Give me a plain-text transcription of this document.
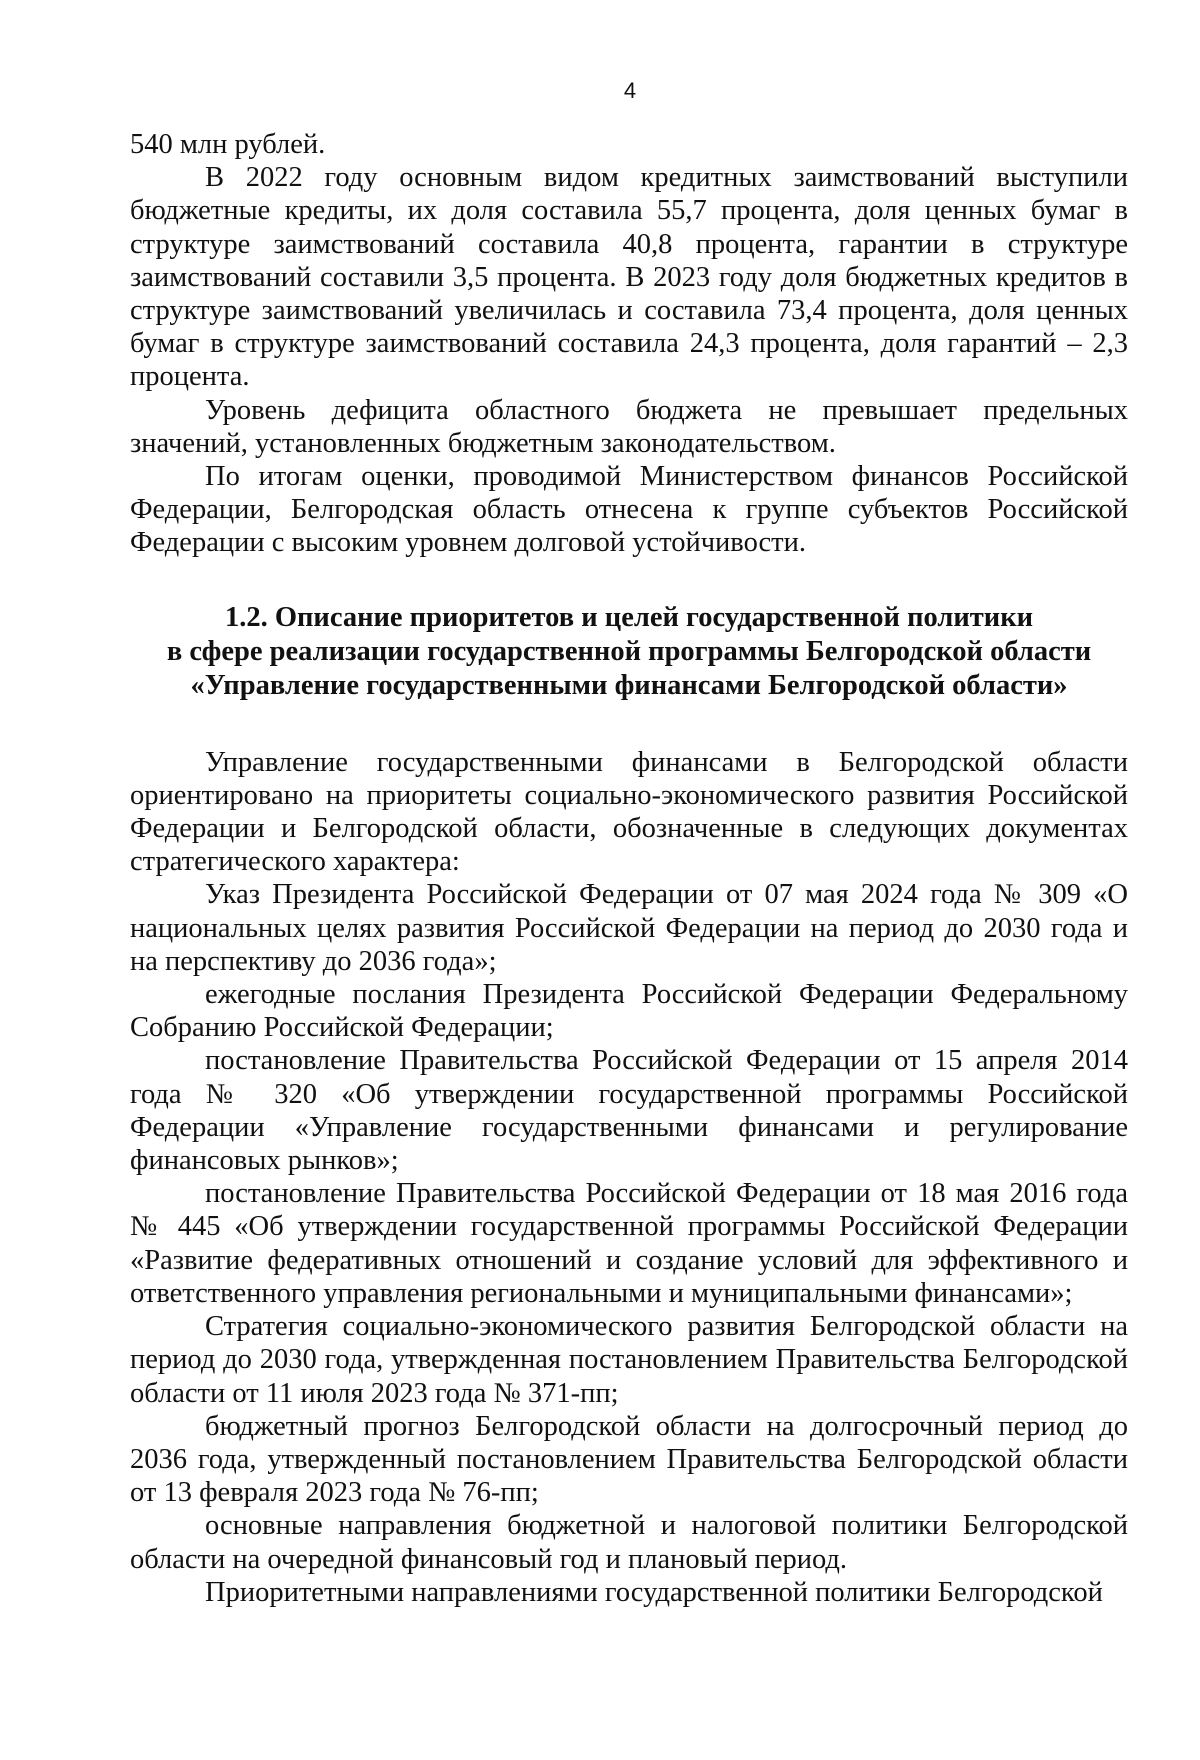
4

540 млн рублей.

В 2022 году основным видом кредитных заимствований выступили бюджетные кредиты, их доля составила 55,7 процента, доля ценных бумаг в структуре заимствований составила 40,8 процента, гарантии в структуре заимствований составили 3,5 процента. В 2023 году доля бюджетных кредитов в структуре заимствований увеличилась и составила 73,4 процента, доля ценных бумаг в структуре заимствований составила 24,3 процента, доля гарантий – 2,3 процента.

Уровень дефицита областного бюджета не превышает предельных значений, установленных бюджетным законодательством.

По итогам оценки, проводимой Министерством финансов Российской Федерации, Белгородская область отнесена к группе субъектов Российской Федерации с высоким уровнем долговой устойчивости.

1.2. Описание приоритетов и целей государственной политики
в сфере реализации государственной программы Белгородской области
«Управление государственными финансами Белгородской области»

Управление государственными финансами в Белгородской области ориентировано на приоритеты социально-экономического развития Российской Федерации и Белгородской области, обозначенные в следующих документах стратегического характера:

Указ Президента Российской Федерации от 07 мая 2024 года № 309 «О национальных целях развития Российской Федерации на период до 2030 года и на перспективу до 2036 года»;

ежегодные послания Президента Российской Федерации Федеральному Собранию Российской Федерации;

постановление Правительства Российской Федерации от 15 апреля 2014 года № 320 «Об утверждении государственной программы Российской Федерации «Управление государственными финансами и регулирование финансовых рынков»;

постановление Правительства Российской Федерации от 18 мая 2016 года № 445 «Об утверждении государственной программы Российской Федерации «Развитие федеративных отношений и создание условий для эффективного и ответственного управления региональными и муниципальными финансами»;

Стратегия социально-экономического развития Белгородской области на период до 2030 года, утвержденная постановлением Правительства Белгородской области от 11 июля 2023 года № 371-пп;

бюджетный прогноз Белгородской области на долгосрочный период до 2036 года, утвержденный постановлением Правительства Белгородской области от 13 февраля 2023 года № 76-пп;

основные направления бюджетной и налоговой политики Белгородской области на очередной финансовый год и плановый период.

Приоритетными направлениями государственной политики Белгородской
